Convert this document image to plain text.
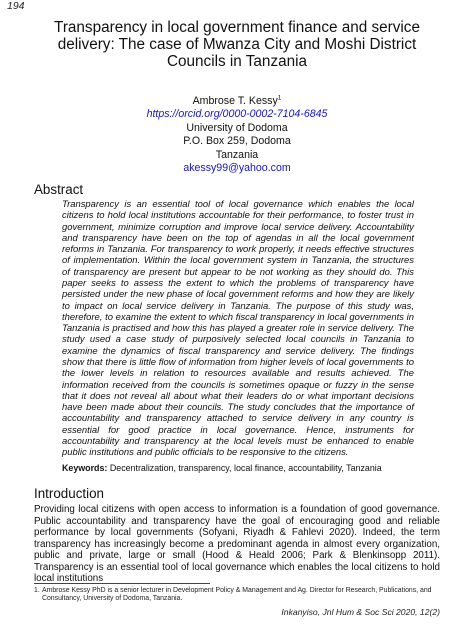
194
Transparency in local government finance and service delivery: The case of Mwanza City and Moshi District Councils in Tanzania
Ambrose T. Kessy$^1$
https://orcid.org/0000-0002-7104-6845
University of Dodoma
P.O. Box 259, Dodoma
Tanzania
akessy99@yahoo.com
Abstract
Transparency is an essential tool of local governance which enables the local citizens to hold local institutions accountable for their performance, to foster trust in government, minimize corruption and improve local service delivery. Accountability and transparency have been on the top of agendas in all the local government reforms in Tanzania. For transparency to work properly, it needs effective structures of implementation. Within the local government system in Tanzania, the structures of transparency are present but appear to be not working as they should do. This paper seeks to assess the extent to which the problems of transparency have persisted under the new phase of local government reforms and how they are likely to impact on local service delivery in Tanzania. The purpose of this study was, therefore, to examine the extent to which fiscal transparency in local governments in Tanzania is practised and how this has played a greater role in service delivery. The study used a case study of purposively selected local councils in Tanzania to examine the dynamics of fiscal transparency and service delivery. The findings show that there is little flow of information from higher levels of local governments to the lower levels in relation to resources available and results achieved. The information received from the councils is sometimes opaque or fuzzy in the sense that it does not reveal all about what their leaders do or what important decisions have been made about their councils. The study concludes that the importance of accountability and transparency attached to service delivery in any country is essential for good practice in local governance. Hence, instruments for accountability and transparency at the local levels must be enhanced to enable public institutions and public officials to be responsive to the citizens.
Keywords: Decentralization, transparency, local finance, accountability, Tanzania
Introduction
Providing local citizens with open access to information is a foundation of good governance. Public accountability and transparency have the goal of encouraging good and reliable performance by local governments (Sofyani, Riyadh & Fahlevi 2020). Indeed, the term transparency has increasingly become a predominant agenda in almost every organization, public and private, large or small (Hood & Heald 2006; Park & Blenkinsopp 2011). Transparency is an essential tool of local governance which enables the local citizens to hold local institutions
1. Ambrose Kessy PhD is a senior lecturer in Development Policy & Management and Ag. Director for Research, Publications, and Consultancy, University of Dodoma, Tanzania.
Inkanyiso, Jnl Hum & Soc Sci 2020, 12(2)
